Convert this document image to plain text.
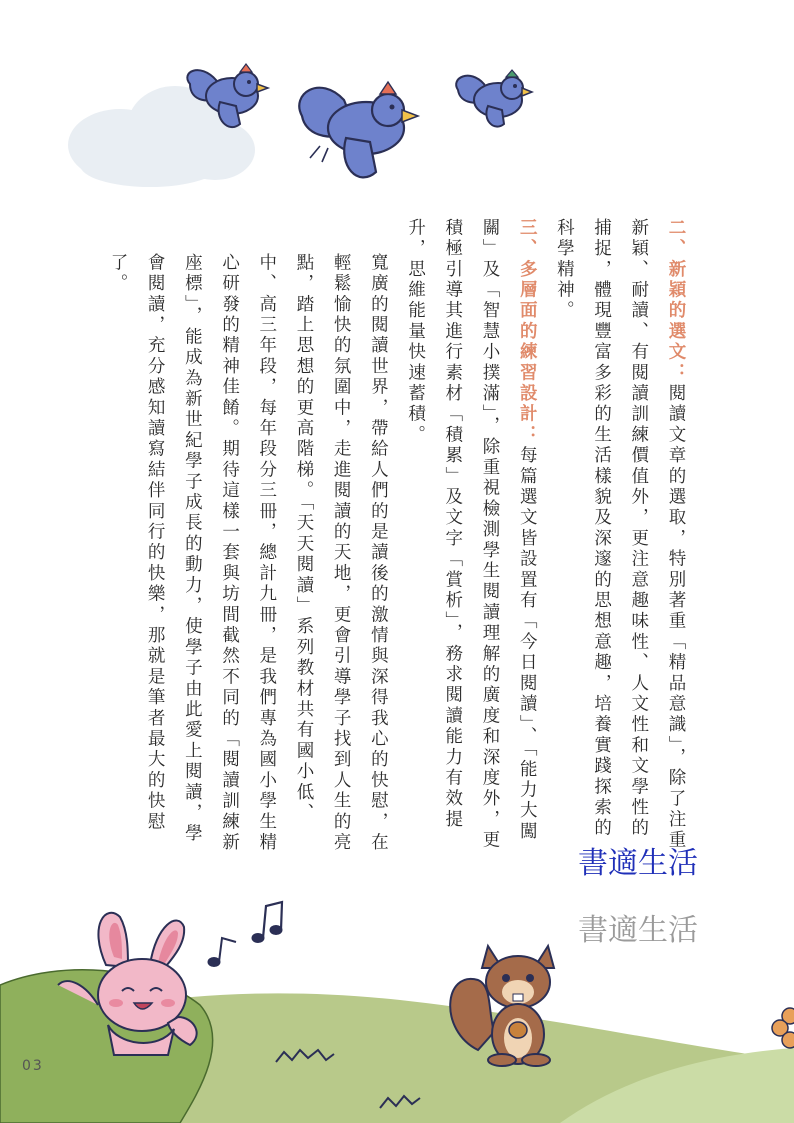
二、新穎的選文：閱讀文章的選取，特別著重「精品意識」，除了注重新穎、耐讀、有閱讀訓練價值外，更注意趣味性、人文性和文學性的捕捉，體現豐富多彩的生活樣貌及深邃的思想意趣，培養實踐探索的科學精神。

三、多層面的練習設計：每篇選文皆設置有「今日閱讀」、「能力大闖關」及「智慧小撲滿」，除重視檢測學生閱讀理解的廣度和深度外，更積極引導其進行素材「積累」及文字「賞析」，務求閱讀能力有效提升，思維能量快速蓄積。

寬廣的閱讀世界，帶給人們的是讀後的激情與深得我心的快慰，在輕鬆愉快的氛圍中，走進閱讀的天地，更會引導學子找到人生的亮點，踏上思想的更高階梯。「天天閱讀」系列教材共有國小低、中、高三年段，每年段分三冊，總計九冊，是我們專為國小學生精心研發的精神佳餚。期待這樣一套與坊間截然不同的「閱讀訓練新座標」，能成為新世紀學子成長的動力，使學子由此愛上閱讀，學會閱讀，充分感知讀寫結伴同行的快樂，那就是筆者最大的快慰了。

書適生活
書適生活
03
